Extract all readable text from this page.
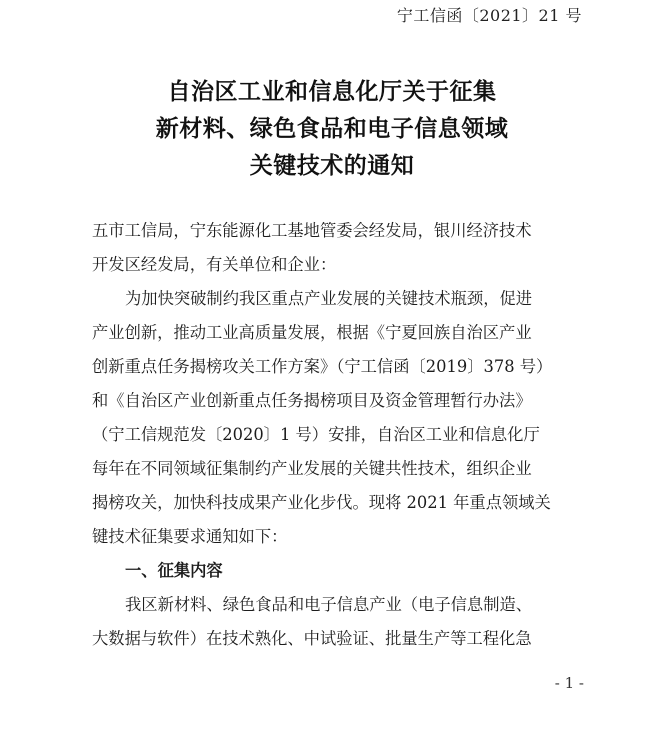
宁工信函〔2021〕21 号
自治区工业和信息化厅关于征集
新材料、绿色食品和电子信息领域
关键技术的通知
五市工信局，宁东能源化工基地管委会经发局，银川经济技术
开发区经发局，有关单位和企业：
为加快突破制约我区重点产业发展的关键技术瓶颈，促进
产业创新，推动工业高质量发展，根据《宁夏回族自治区产业
创新重点任务揭榜攻关工作方案》（宁工信函〔2019〕378 号）
和《自治区产业创新重点任务揭榜项目及资金管理暂行办法》
（宁工信规范发〔2020〕1 号）安排，自治区工业和信息化厅
每年在不同领域征集制约产业发展的关键共性技术，组织企业
揭榜攻关，加快科技成果产业化步伐。现将 2021 年重点领域关
键技术征集要求通知如下：
一、征集内容
我区新材料、绿色食品和电子信息产业（电子信息制造、
大数据与软件）在技术熟化、中试验证、批量生产等工程化急
- 1 -
